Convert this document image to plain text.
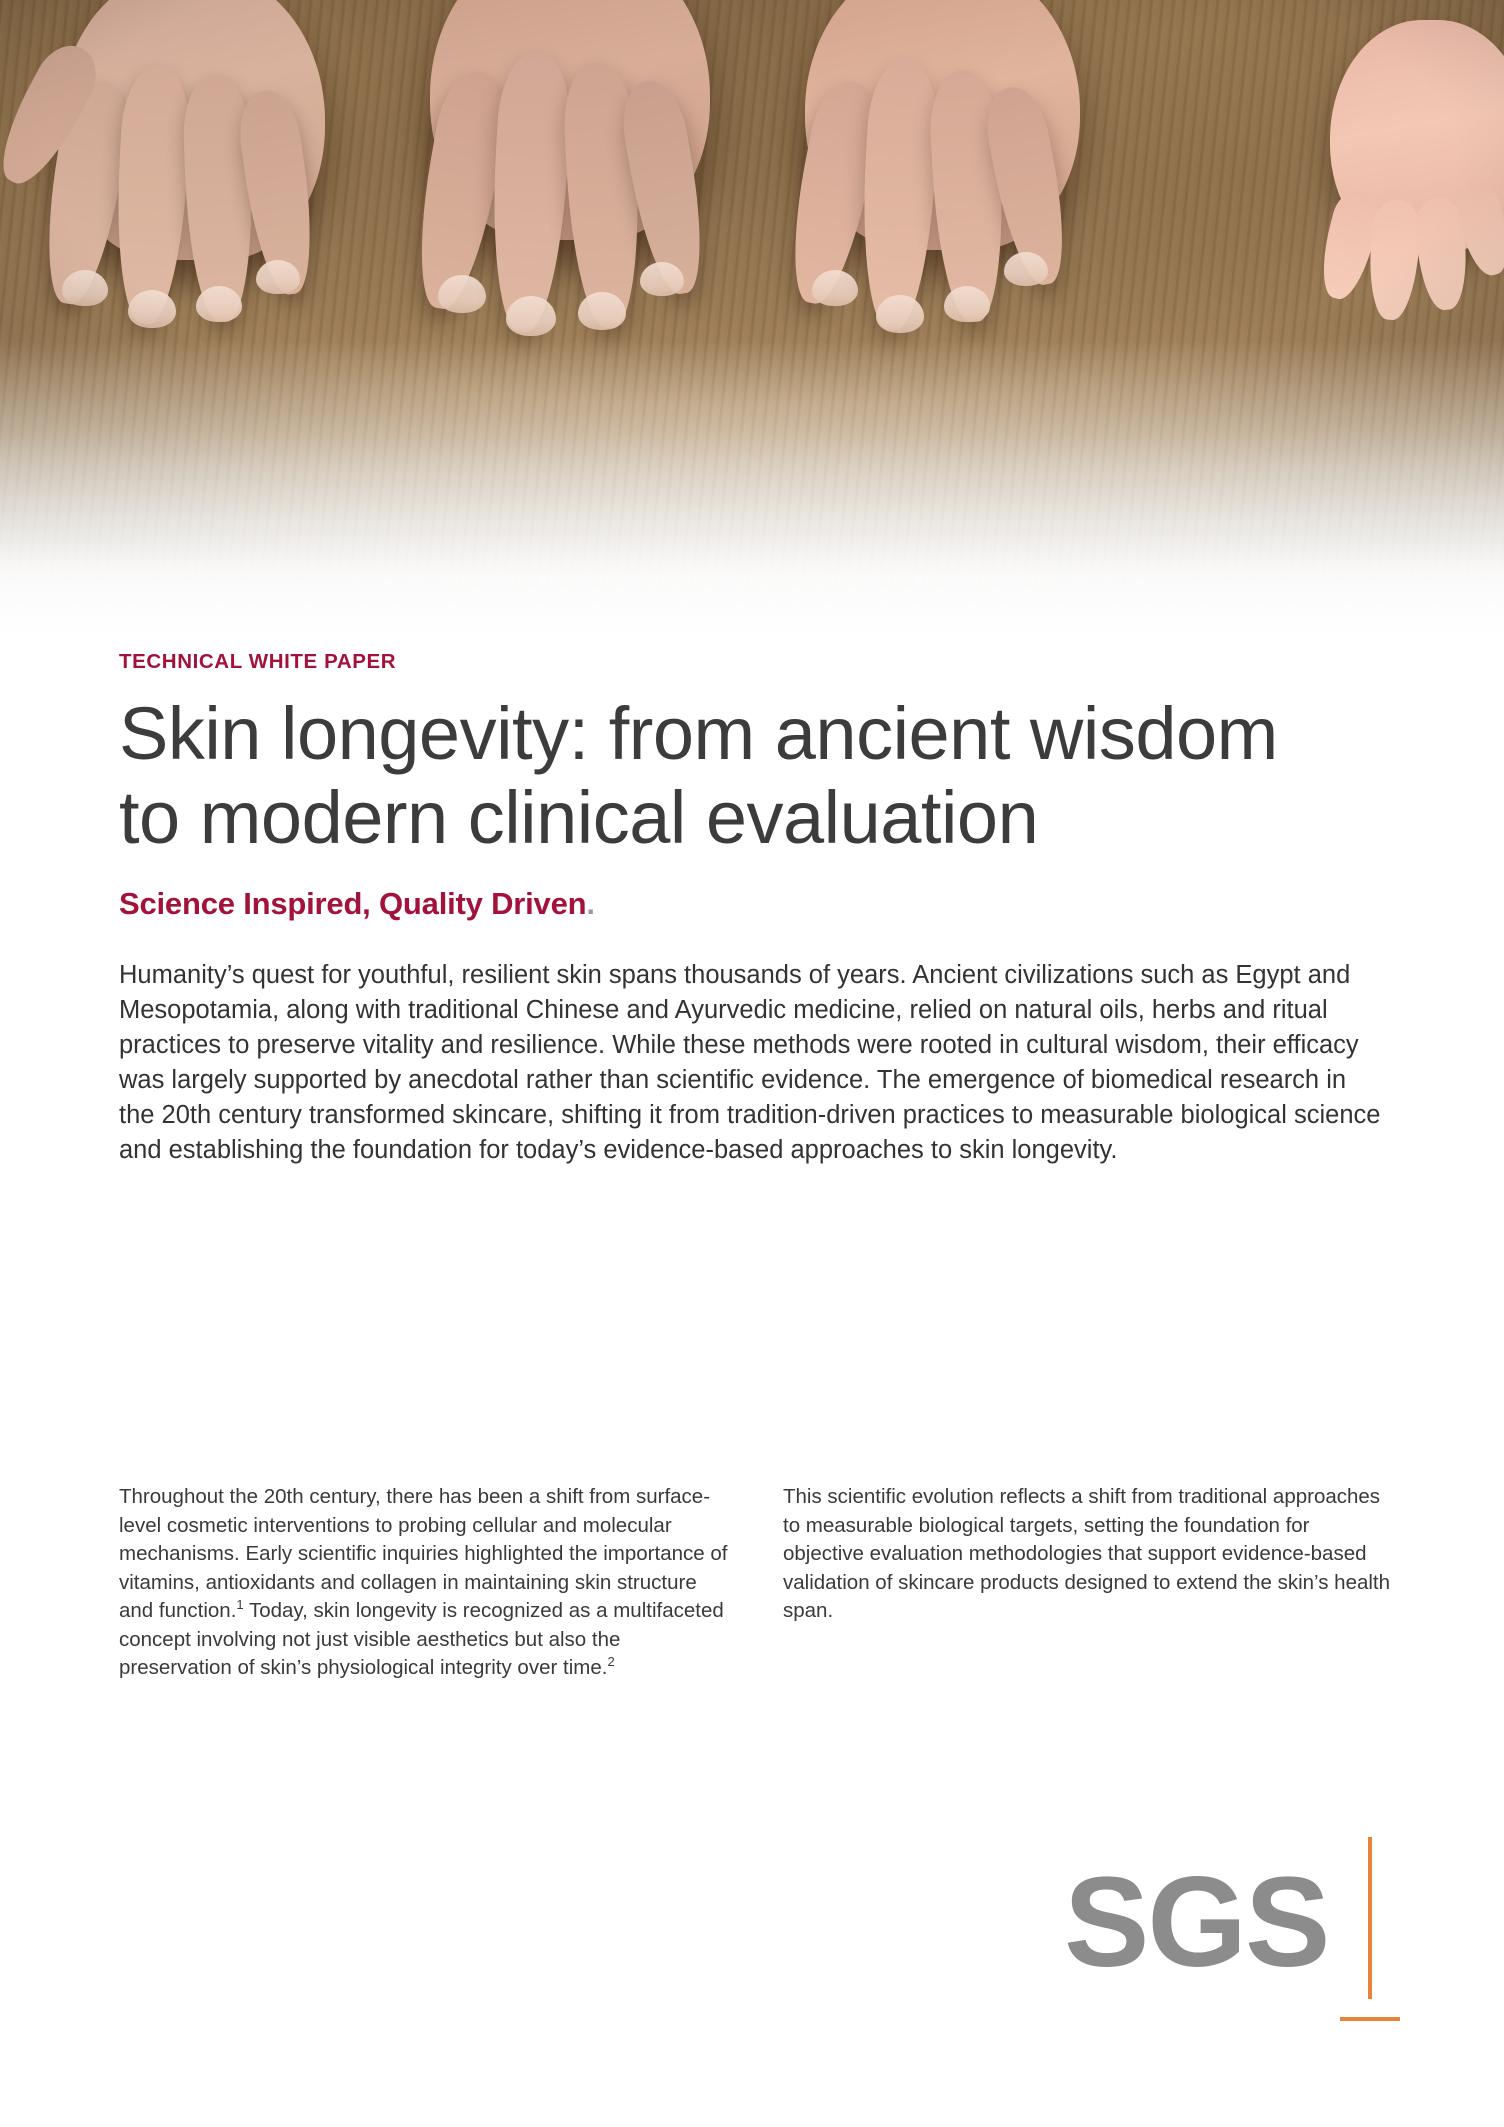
TECHNICAL WHITE PAPER
Skin longevity: from ancient wisdom to modern clinical evaluation
Science Inspired, Quality Driven.

Humanity’s quest for youthful, resilient skin spans thousands of years. Ancient civilizations such as Egypt and Mesopotamia, along with traditional Chinese and Ayurvedic medicine, relied on natural oils, herbs and ritual practices to preserve vitality and resilience. While these methods were rooted in cultural wisdom, their efficacy was largely supported by anecdotal rather than scientific evidence. The emergence of biomedical research in the 20th century transformed skincare, shifting it from tradition-driven practices to measurable biological science and establishing the foundation for today’s evidence-based approaches to skin longevity.

Throughout the 20th century, there has been a shift from surface-level cosmetic interventions to probing cellular and molecular mechanisms. Early scientific inquiries highlighted the importance of vitamins, antioxidants and collagen in maintaining skin structure and function.$^1$ Today, skin longevity is recognized as a multifaceted concept involving not just visible aesthetics but also the preservation of skin’s physiological integrity over time.$^2$

This scientific evolution reflects a shift from traditional approaches to measurable biological targets, setting the foundation for objective evaluation methodologies that support evidence-based validation of skincare products designed to extend the skin’s health span.

SGS
